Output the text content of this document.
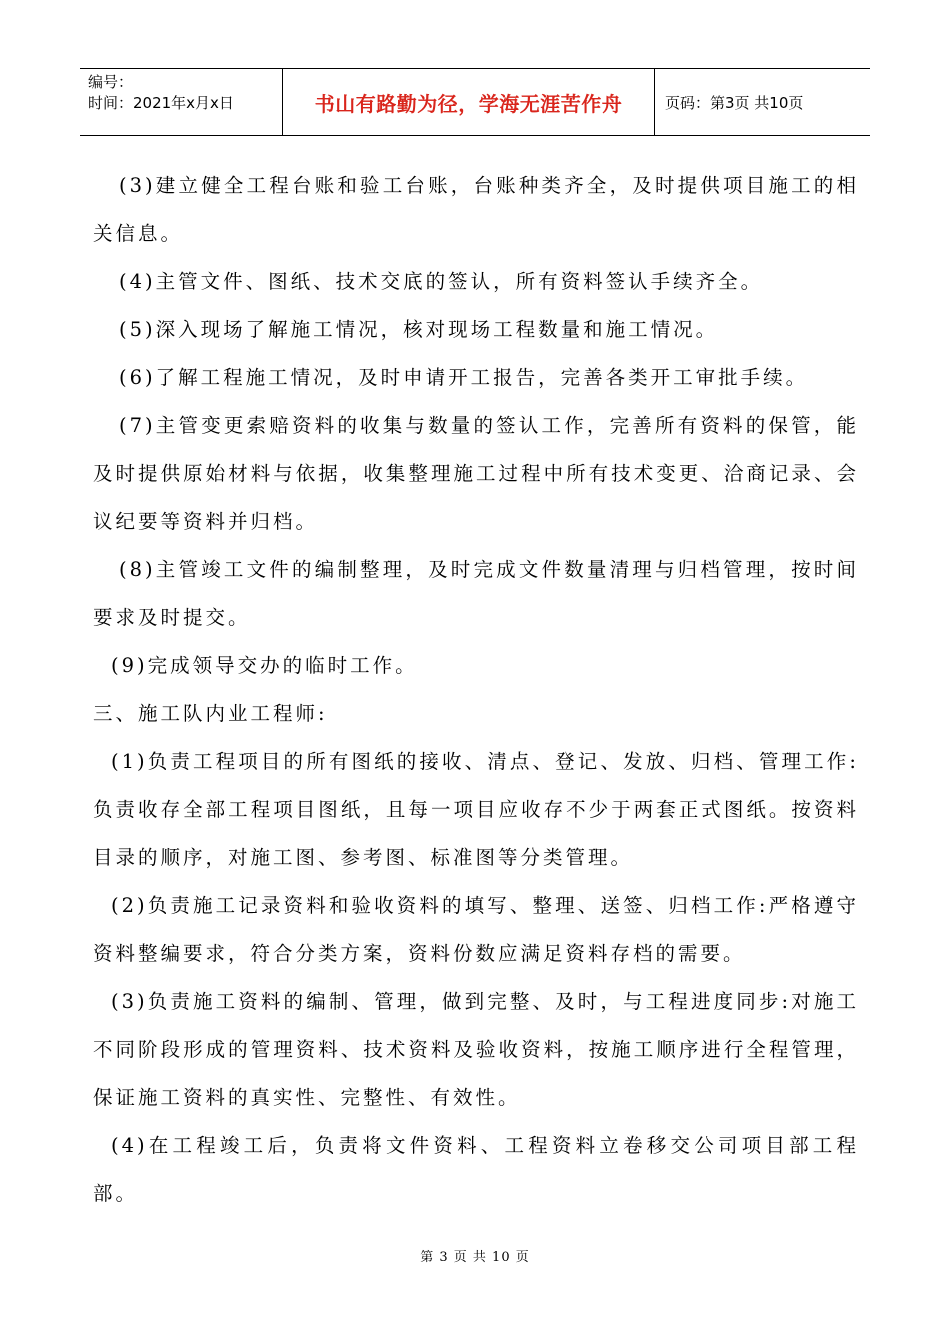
编号：
时间：2021年x月x日	书山有路勤为径，学海无涯苦作舟	页码：第3页 共10页

(3)建立健全工程台账和验工台账，台账种类齐全，及时提供项目施工的相关信息。

(4)主管文件、图纸、技术交底的签认，所有资料签认手续齐全。

(5)深入现场了解施工情况，核对现场工程数量和施工情况。

(6)了解工程施工情况，及时申请开工报告，完善各类开工审批手续。

(7)主管变更索赔资料的收集与数量的签认工作，完善所有资料的保管，能及时提供原始材料与依据，收集整理施工过程中所有技术变更、洽商记录、会议纪要等资料并归档。

(8)主管竣工文件的编制整理，及时完成文件数量清理与归档管理，按时间要求及时提交。

(9)完成领导交办的临时工作。

三、施工队内业工程师:

(1)负责工程项目的所有图纸的接收、清点、登记、发放、归档、管理工作:负责收存全部工程项目图纸，且每一项目应收存不少于两套正式图纸。按资料目录的顺序，对施工图、参考图、标准图等分类管理。

(2)负责施工记录资料和验收资料的填写、整理、送签、归档工作:严格遵守资料整编要求，符合分类方案，资料份数应满足资料存档的需要。

(3)负责施工资料的编制、管理，做到完整、及时，与工程进度同步:对施工不同阶段形成的管理资料、技术资料及验收资料，按施工顺序进行全程管理，保证施工资料的真实性、完整性、有效性。

(4)在工程竣工后，负责将文件资料、工程资料立卷移交公司项目部工程部。

第 3 页 共 10 页
